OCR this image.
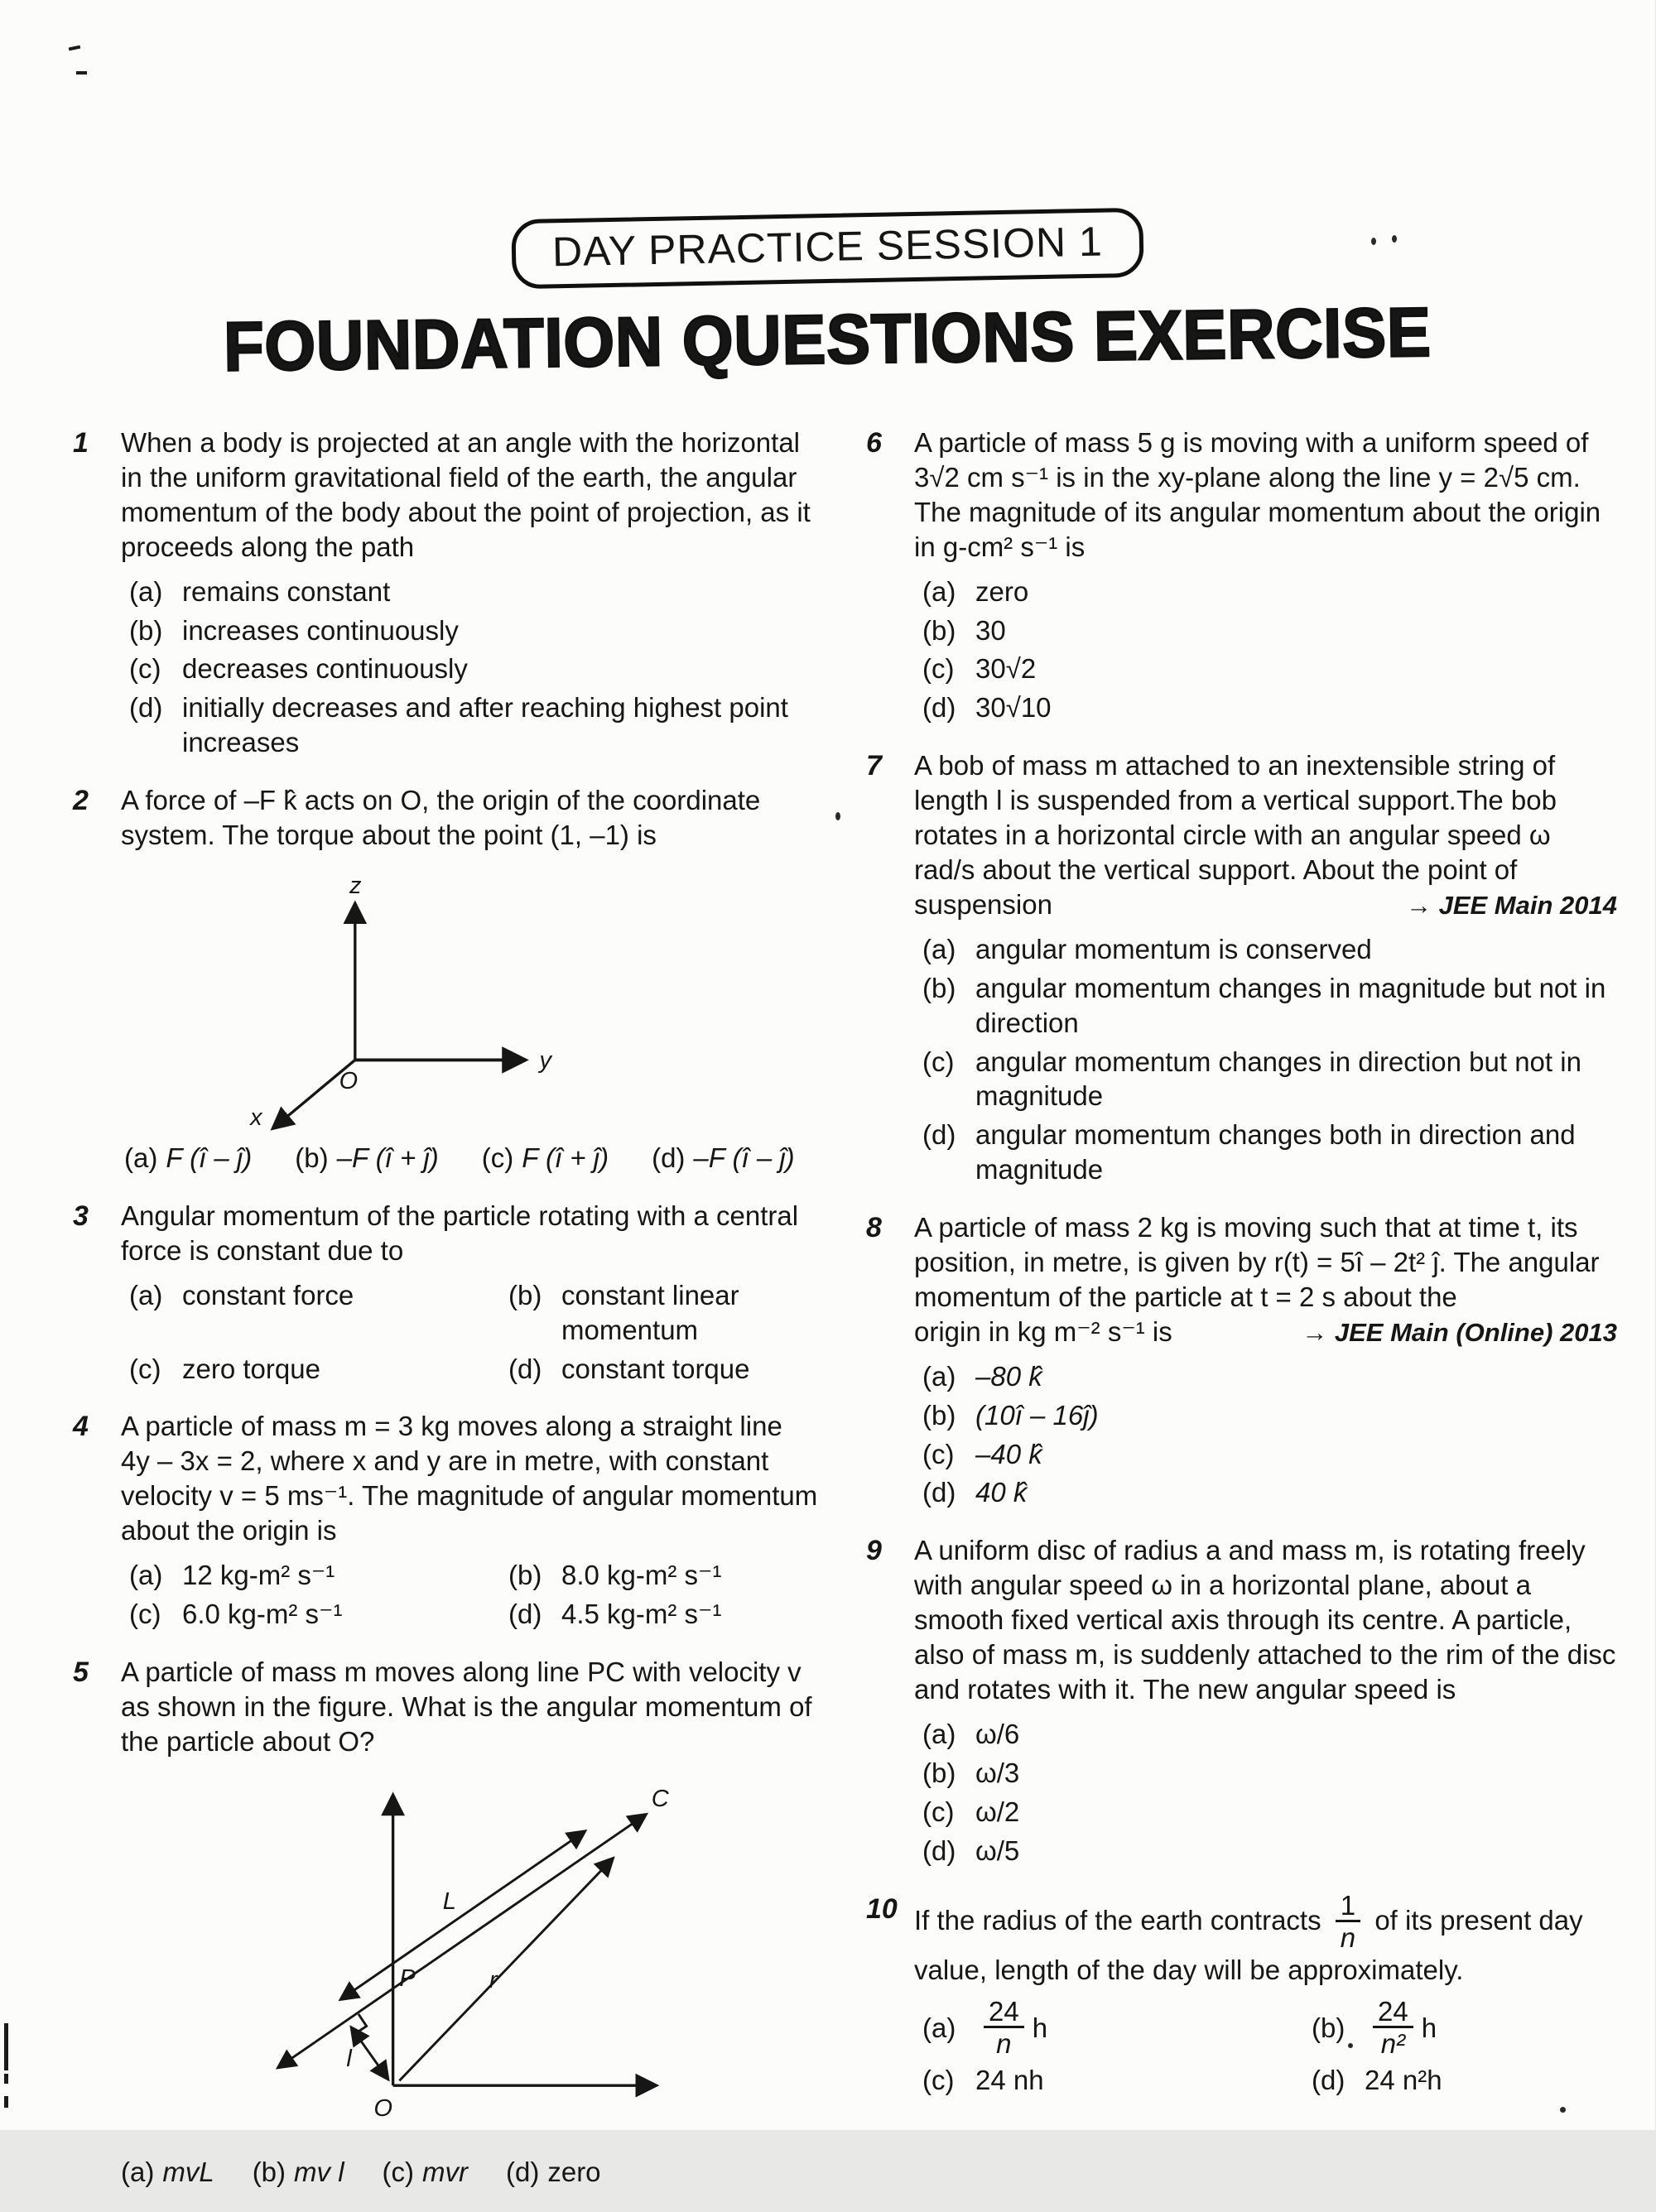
DAY PRACTICE SESSION 1
FOUNDATION QUESTIONS EXERCISE
1	When a body is projected at an angle with the horizontal in the uniform gravitational field of the earth, the angular momentum of the body about the point of projection, as it proceeds along the path

(a) remains constant
(b) increases continuously
(c) decreases continuously
(d) initially decreases and after reaching highest point increases
2	A force of –F k̂ acts on O, the origin of the coordinate system. The torque about the point (1, –1) is

z
y
x
O
(a) F (î – ĵ) (b) –F (î + ĵ) (c) F (î + ĵ) (d) –F (î – ĵ)
3	Angular momentum of the particle rotating with a central force is constant due to

(a) constant force	(b) constant linear momentum
(c) zero torque	(d) constant torque
4	A particle of mass m = 3 kg moves along a straight line 4y – 3x = 2, where x and y are in metre, with constant velocity v = 5 ms⁻¹. The magnitude of angular momentum about the origin is

(a) 12 kg-m² s⁻¹	(b) 8.0 kg-m² s⁻¹
(c) 6.0 kg-m² s⁻¹	(d) 4.5 kg-m² s⁻¹
5	A particle of mass m moves along line PC with velocity v as shown in the figure. What is the angular momentum of the particle about O?

C
L
P	r
l
O
(a) mvL (b) mv l (c) mvr (d) zero
6	A particle of mass 5 g is moving with a uniform speed of 3√2 cm s⁻¹ is in the xy-plane along the line y = 2√5 cm. The magnitude of its angular momentum about the origin in g-cm² s⁻¹ is

(a) zero
(b) 30
(c) 30√2
(d) 30√10
7	A bob of mass m attached to an inextensible string of length l is suspended from a vertical support.The bob rotates in a horizontal circle with an angular speed ω rad/s about the vertical support. About the point of

suspension	→ JEE Main 2014
(a) angular momentum is conserved
(b) angular momentum changes in magnitude but not in direction
(c) angular momentum changes in direction but not in magnitude
(d) angular momentum changes both in direction and magnitude
8	A particle of mass 2 kg is moving such that at time t, its position, in metre, is given by r(t) = 5î – 2t² ĵ. The angular momentum of the particle at t = 2 s about the

origin in kg m⁻² s⁻¹ is	→ JEE Main (Online) 2013
(a) –80 k̂
(b) (10î – 16ĵ)
(c) –40 k̂
(d) 40 k̂
9	A uniform disc of radius a and mass m, is rotating freely with angular speed ω in a horizontal plane, about a smooth fixed vertical axis through its centre. A particle, also of mass m, is suddenly attached to the rim of the disc and rotates with it. The new angular speed is

(a) ω/6
(b) ω/3
(c) ω/2
(d) ω/5
10 If the radius of the earth contracts $\frac{1}{n}$ of its present day value, length of the day will be approximately.

(a)	$\frac{24}{n}$ h	(b)	$\frac{24}{\text{n²}}$ h
(c) 24 nh	(d) 24 n²h
